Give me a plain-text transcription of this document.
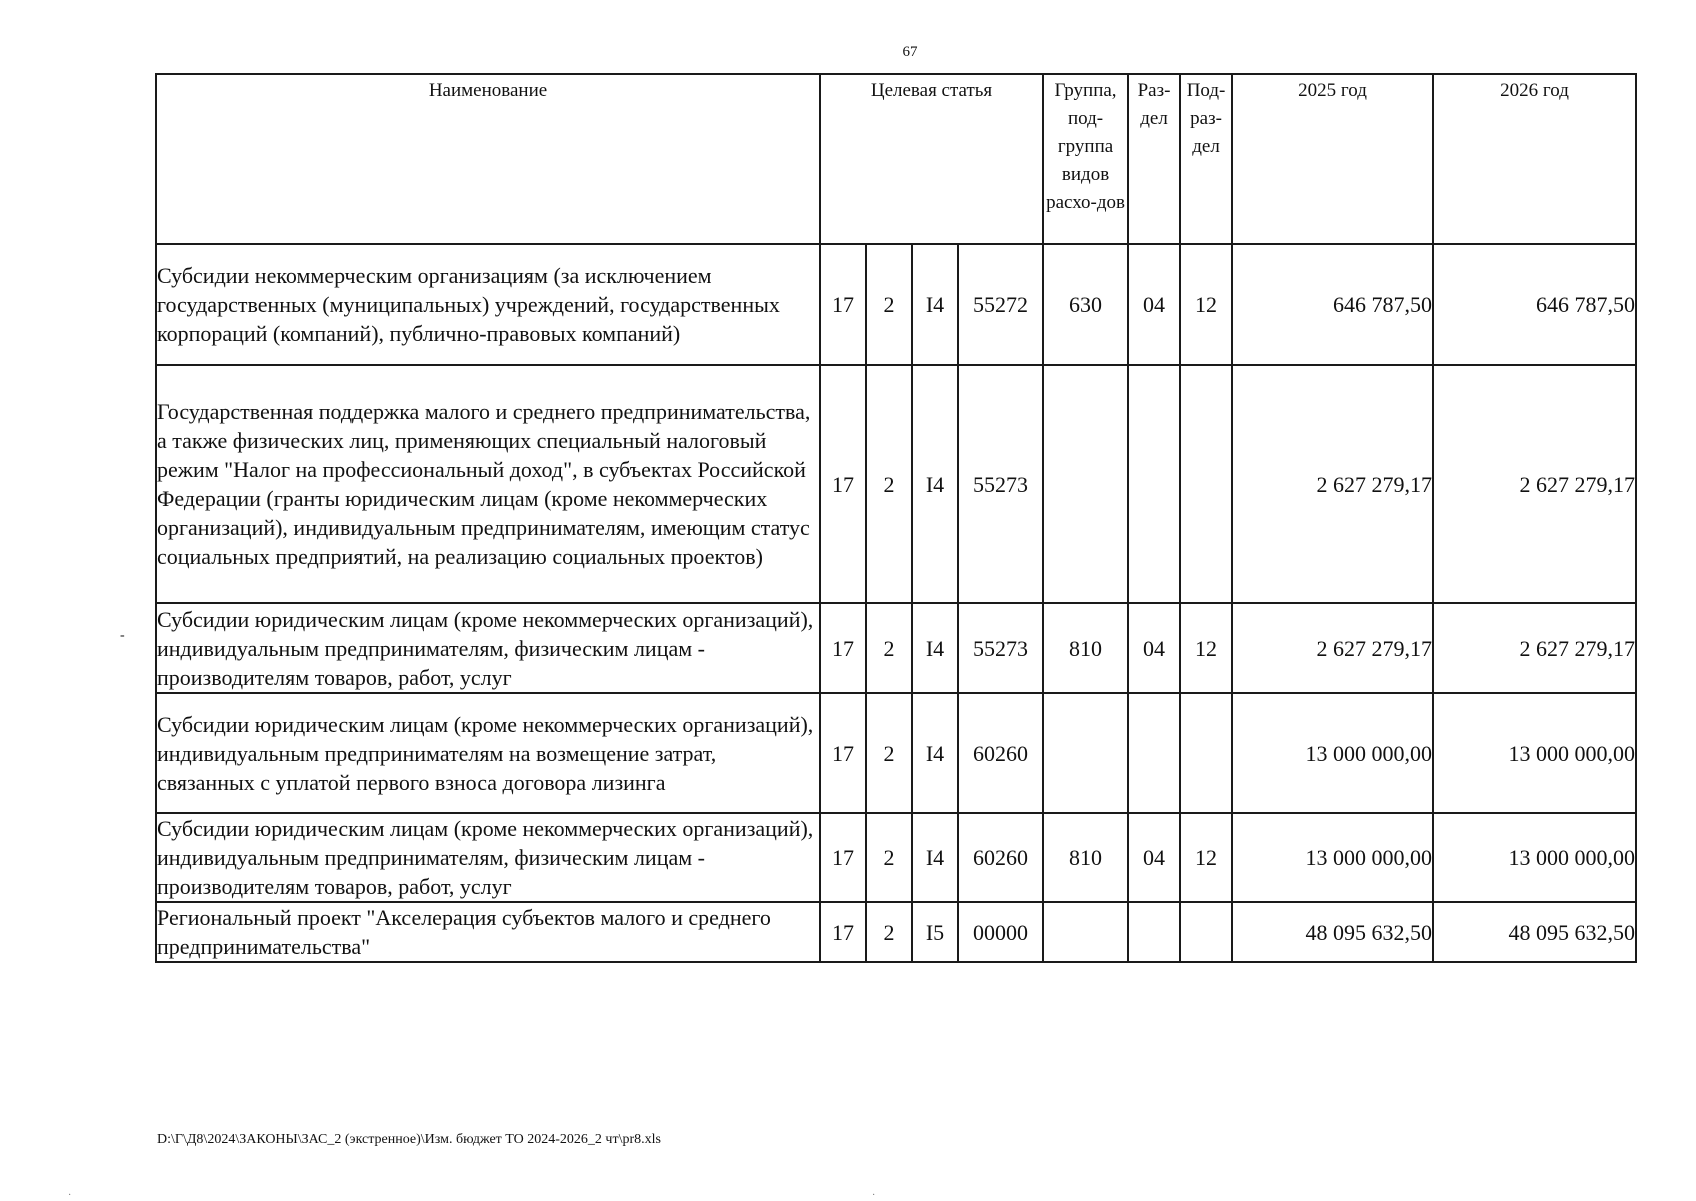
67
Наименование	Целевая статья				Группа, под-группа видов расхо-дов	Раз-дел	Под-раз-дел	2025 год	2026 год
Субсидии некоммерческим организациям (за исключением государственных (муниципальных) учреждений, государственных корпораций (компаний), публично-правовых компаний)	17	2	I4	55272	630	04	12	646 787,50	646 787,50
Государственная поддержка малого и среднего предпринимательства, а также физических лиц, применяющих специальный налоговый режим "Налог на профессиональный доход", в субъектах Российской Федерации (гранты юридическим лицам (кроме некоммерческих организаций), индивидуальным предпринимателям, имеющим статус социальных предприятий, на реализацию социальных проектов)	17	2	I4	55273				2 627 279,17	2 627 279,17
Субсидии юридическим лицам (кроме некоммерческих организаций), индивидуальным предпринимателям, физическим лицам - производителям товаров, работ, услуг	17	2	I4	55273	810	04	12	2 627 279,17	2 627 279,17
Субсидии юридическим лицам (кроме некоммерческих организаций), индивидуальным предпринимателям на возмещение затрат, связанных с уплатой первого взноса договора лизинга	17	2	I4	60260				13 000 000,00	13 000 000,00
Субсидии юридическим лицам (кроме некоммерческих организаций), индивидуальным предпринимателям, физическим лицам - производителям товаров, работ, услуг	17	2	I4	60260	810	04	12	13 000 000,00	13 000 000,00
Региональный проект "Акселерация субъектов малого и среднего предпринимательства"	17	2	I5	00000				48 095 632,50	48 095 632,50
-
D:\Г\Д8\2024\ЗАКОНЫ\ЗАС_2 (экстренное)\Изм. бюджет ТО 2024-2026_2 чт\pr8.xls
·	·
